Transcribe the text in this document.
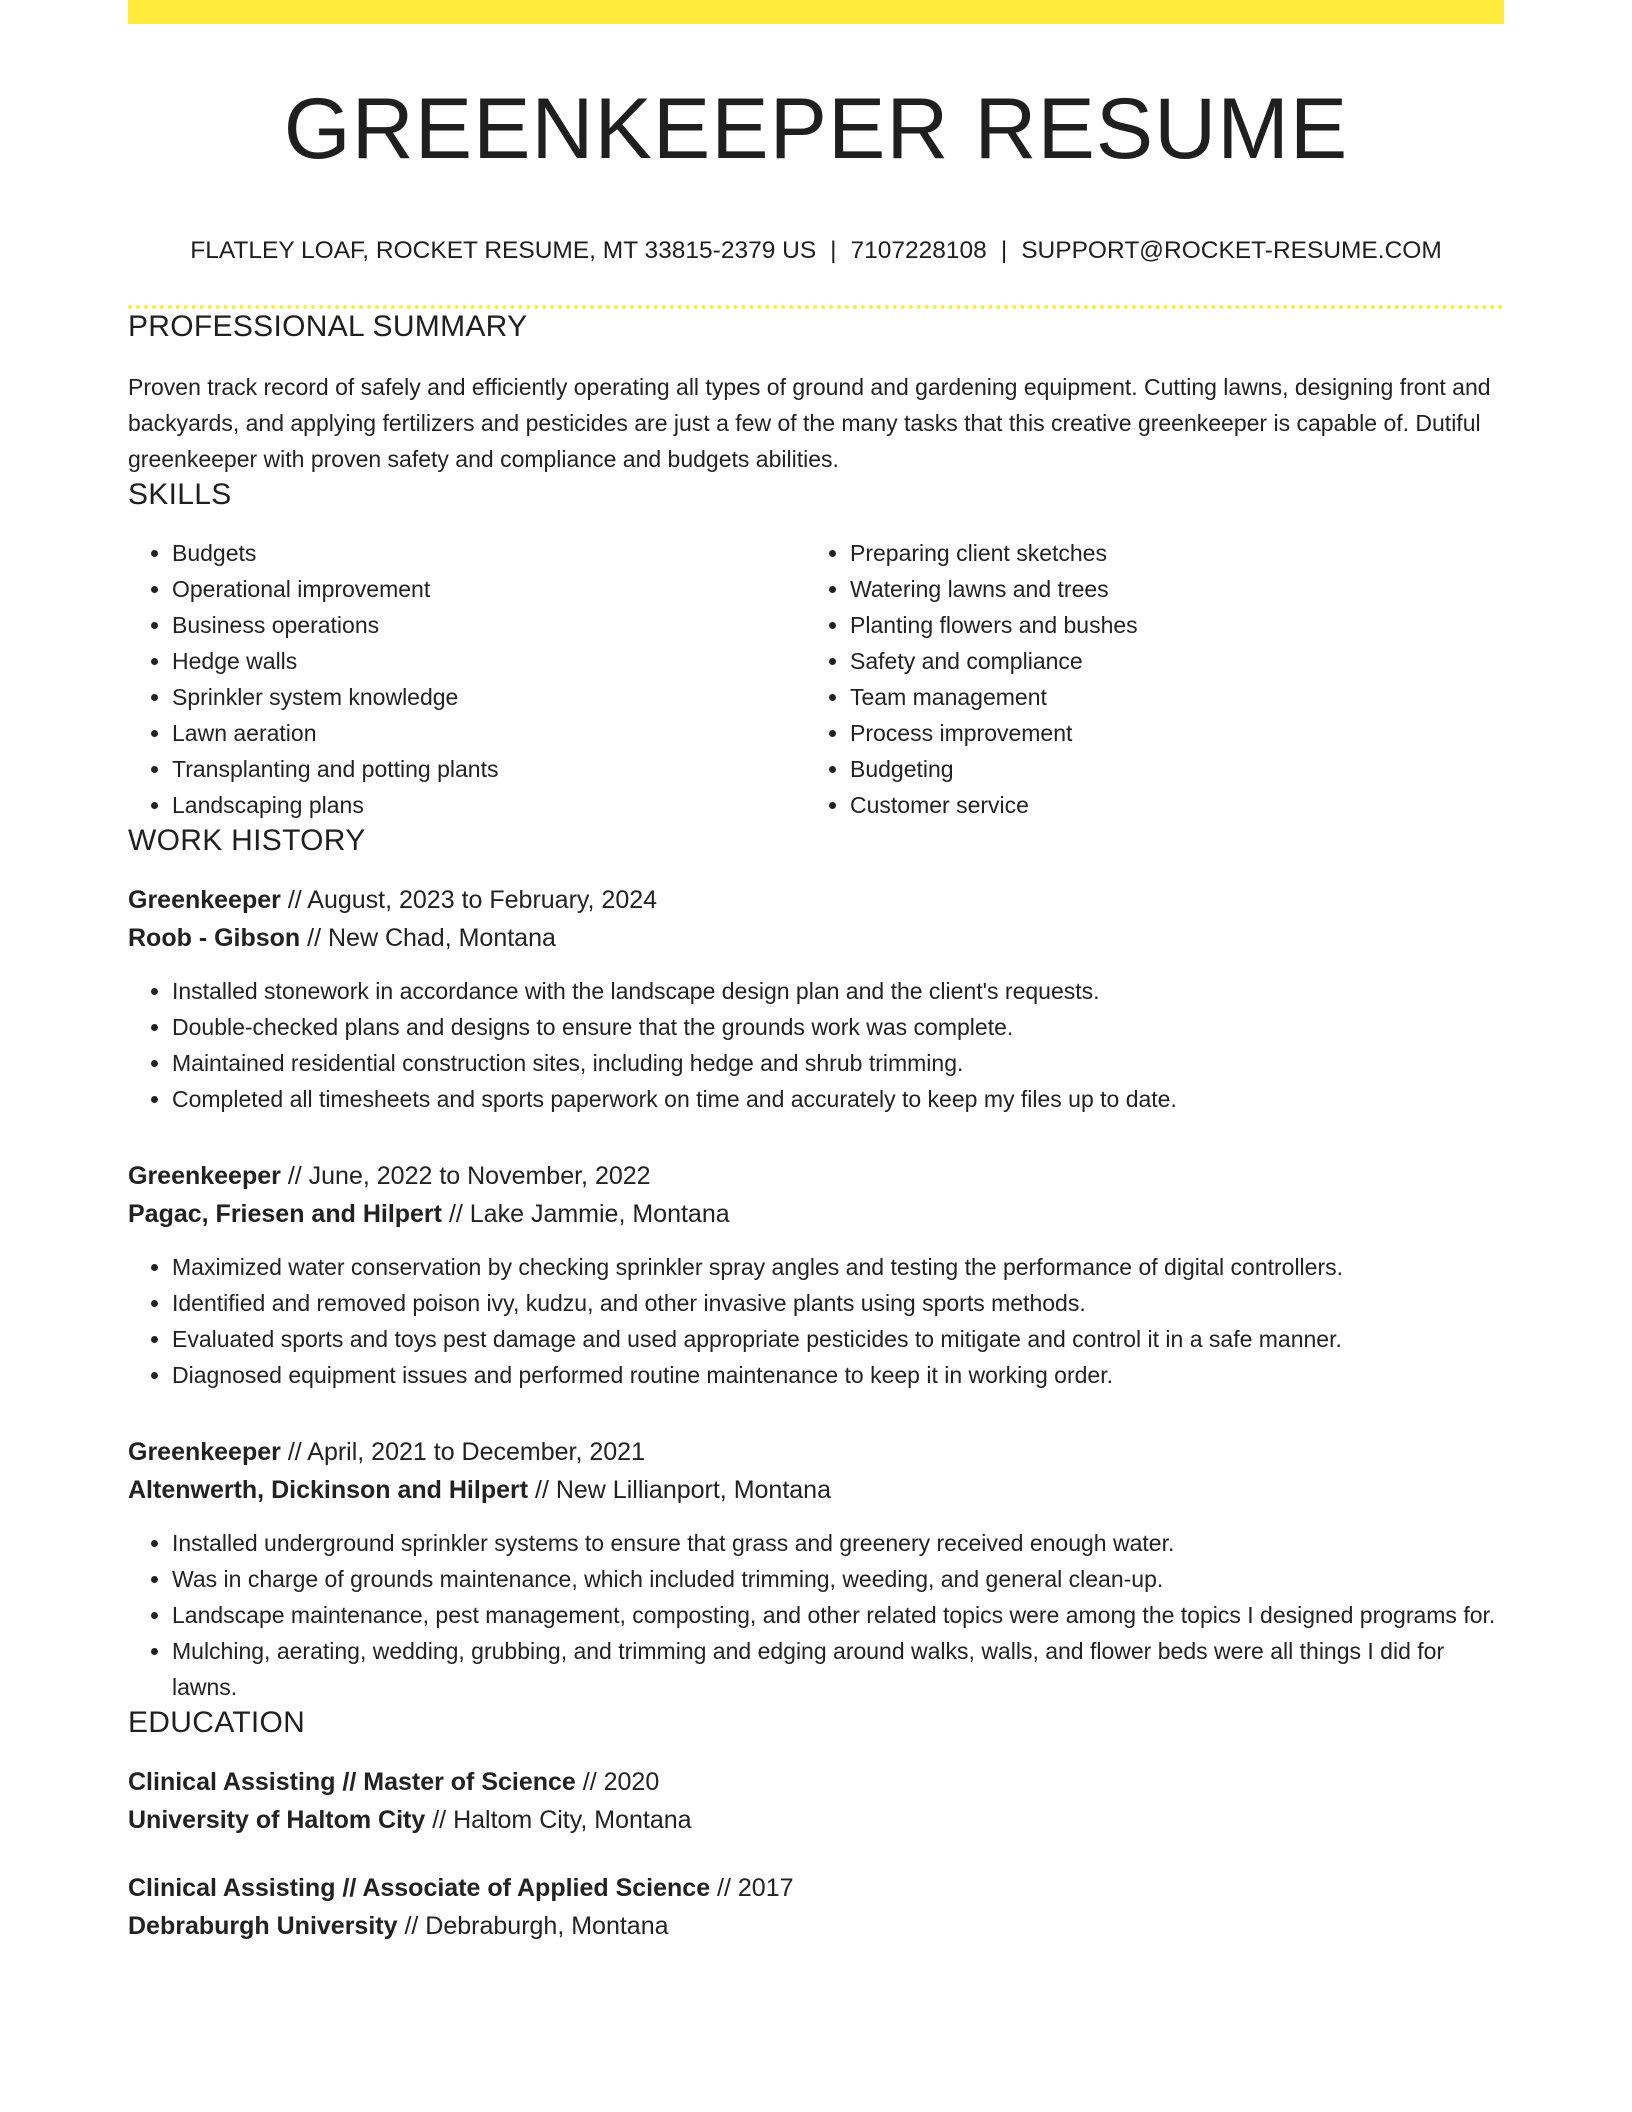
GREENKEEPER RESUME
FLATLEY LOAF, ROCKET RESUME, MT 33815-2379 US | 7107228108 | SUPPORT@ROCKET-RESUME.COM
PROFESSIONAL SUMMARY
Proven track record of safely and efficiently operating all types of ground and gardening equipment. Cutting lawns, designing front and backyards, and applying fertilizers and pesticides are just a few of the many tasks that this creative greenkeeper is capable of. Dutiful greenkeeper with proven safety and compliance and budgets abilities.
SKILLS
• Budgets
• Operational improvement
• Business operations
• Hedge walls
• Sprinkler system knowledge
• Lawn aeration
• Transplanting and potting plants
• Landscaping plans
• Preparing client sketches
• Watering lawns and trees
• Planting flowers and bushes
• Safety and compliance
• Team management
• Process improvement
• Budgeting
• Customer service
WORK HISTORY
Greenkeeper // August, 2023 to February, 2024
Roob - Gibson // New Chad, Montana
• Installed stonework in accordance with the landscape design plan and the client's requests.
• Double-checked plans and designs to ensure that the grounds work was complete.
• Maintained residential construction sites, including hedge and shrub trimming.
• Completed all timesheets and sports paperwork on time and accurately to keep my files up to date.
Greenkeeper // June, 2022 to November, 2022
Pagac, Friesen and Hilpert // Lake Jammie, Montana
• Maximized water conservation by checking sprinkler spray angles and testing the performance of digital controllers.
• Identified and removed poison ivy, kudzu, and other invasive plants using sports methods.
• Evaluated sports and toys pest damage and used appropriate pesticides to mitigate and control it in a safe manner.
• Diagnosed equipment issues and performed routine maintenance to keep it in working order.
Greenkeeper // April, 2021 to December, 2021
Altenwerth, Dickinson and Hilpert // New Lillianport, Montana
• Installed underground sprinkler systems to ensure that grass and greenery received enough water.
• Was in charge of grounds maintenance, which included trimming, weeding, and general clean-up.
• Landscape maintenance, pest management, composting, and other related topics were among the topics I designed programs for.
• Mulching, aerating, wedding, grubbing, and trimming and edging around walks, walls, and flower beds were all things I did for lawns.
EDUCATION
Clinical Assisting // Master of Science // 2020
University of Haltom City // Haltom City, Montana
Clinical Assisting // Associate of Applied Science // 2017
Debraburgh University // Debraburgh, Montana
